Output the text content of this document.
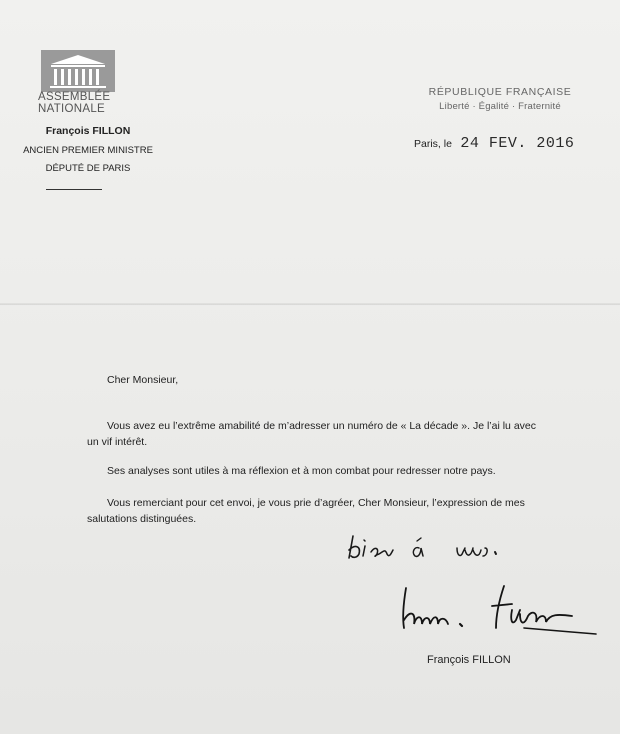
ASSEMBLÉE
NATIONALE
François FILLON
ANCIEN PREMIER MINISTRE
DÉPUTÉ DE PARIS
RÉPUBLIQUE FRANÇAISE
Liberté · Égalité · Fraternité
Paris, le 24 FEV. 2016
Cher Monsieur,
Vous avez eu l’extrême amabilité de m’adresser un numéro de « La décade ». Je l’ai lu avec
un vif intérêt.
Ses analyses sont utiles à ma réflexion et à mon combat pour redresser notre pays.
Vous remerciant pour cet envoi, je vous prie d’agréer, Cher Monsieur, l’expression de mes
salutations distinguées.
François FILLON
